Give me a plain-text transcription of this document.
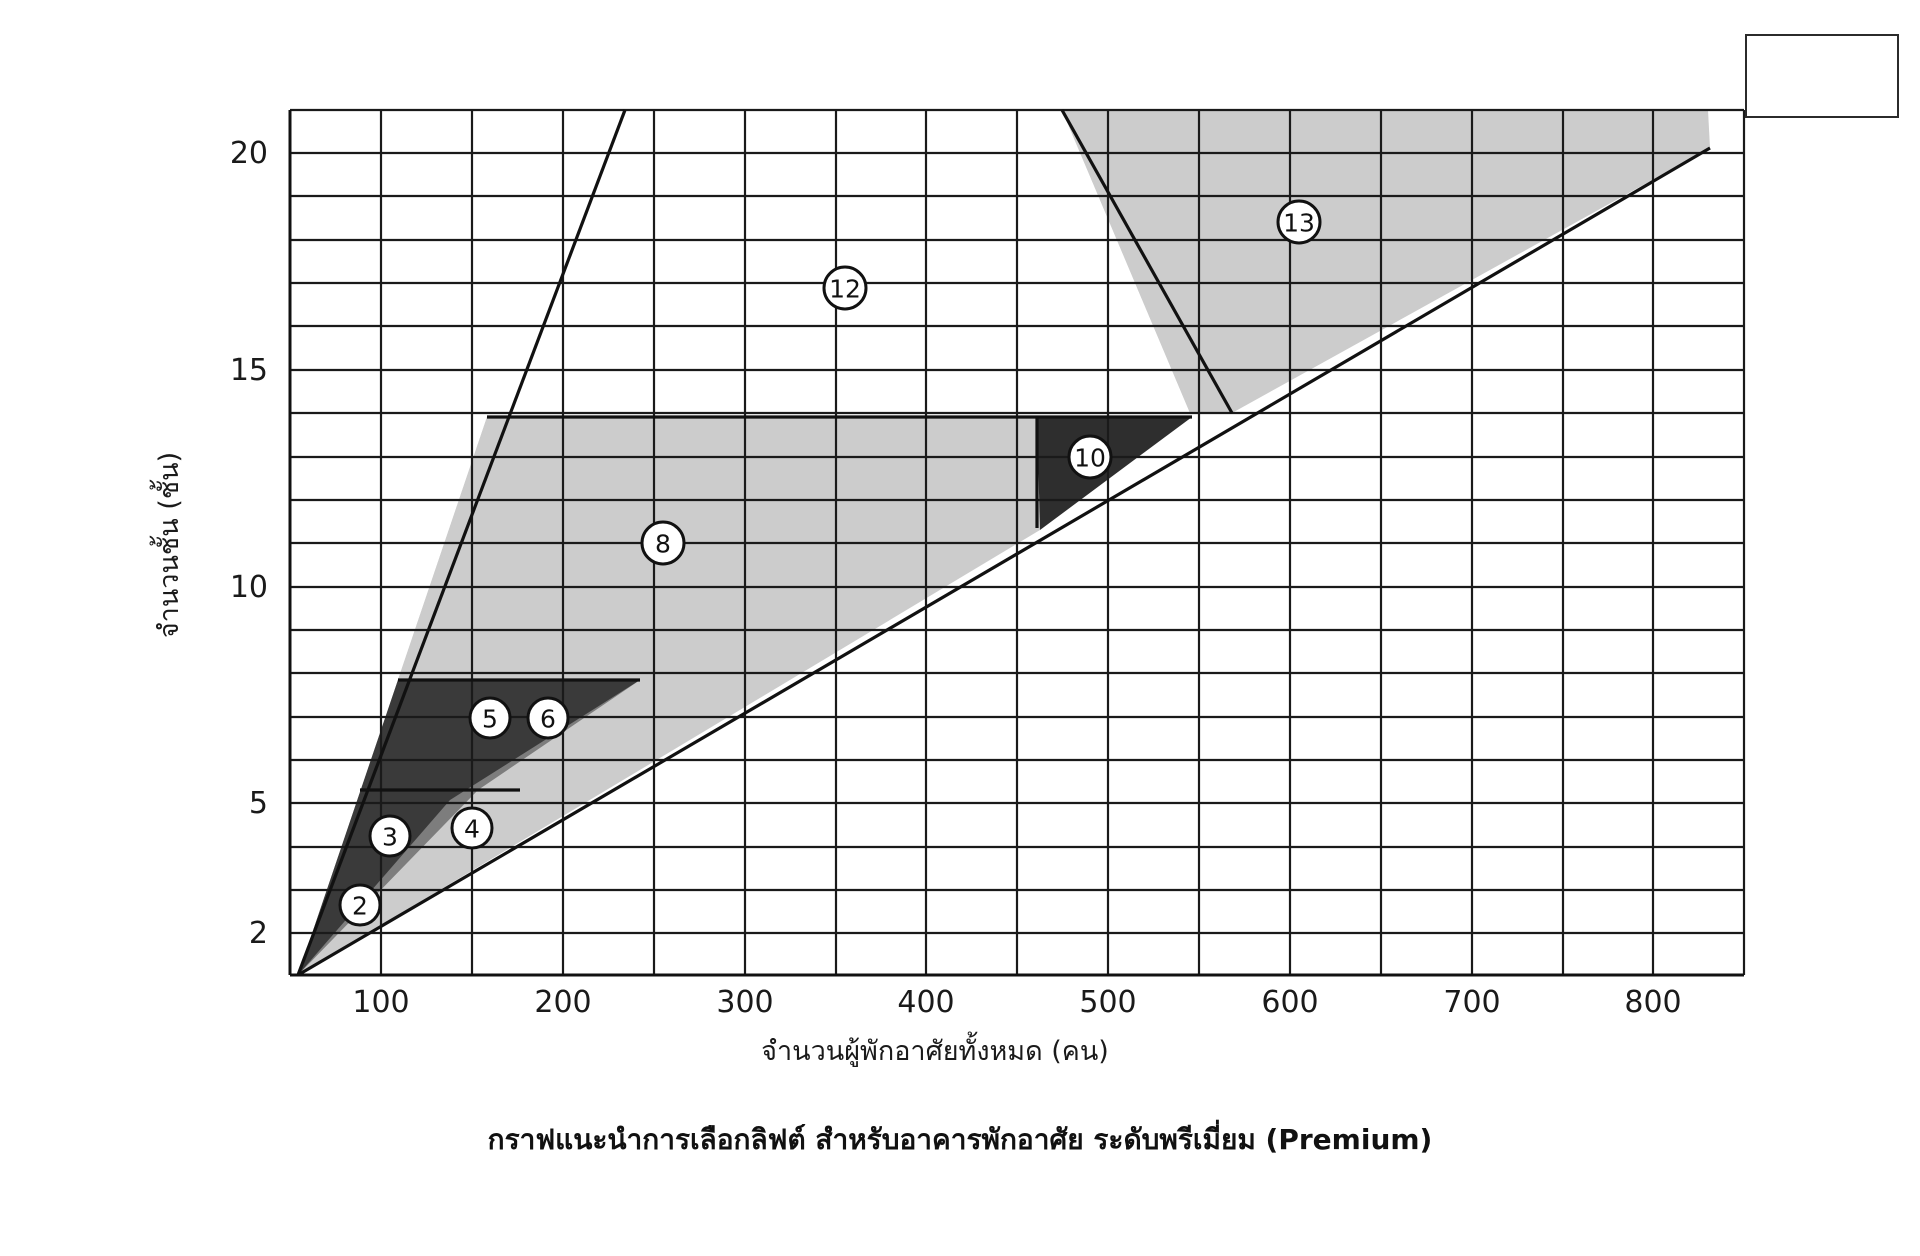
20
15
10
5
2
100	200	300	400	500	600	700	800
จำนวนผู้พักอาศัยทั้งหมด (คน)
จำนวนชั้น (ชั้น)
2
3	4
5 6
8
10
12
13
กราฟแนะนำการเลือกลิฟต์ สำหรับอาคารพักอาศัย ระดับพรีเมี่ยม (Premium)
